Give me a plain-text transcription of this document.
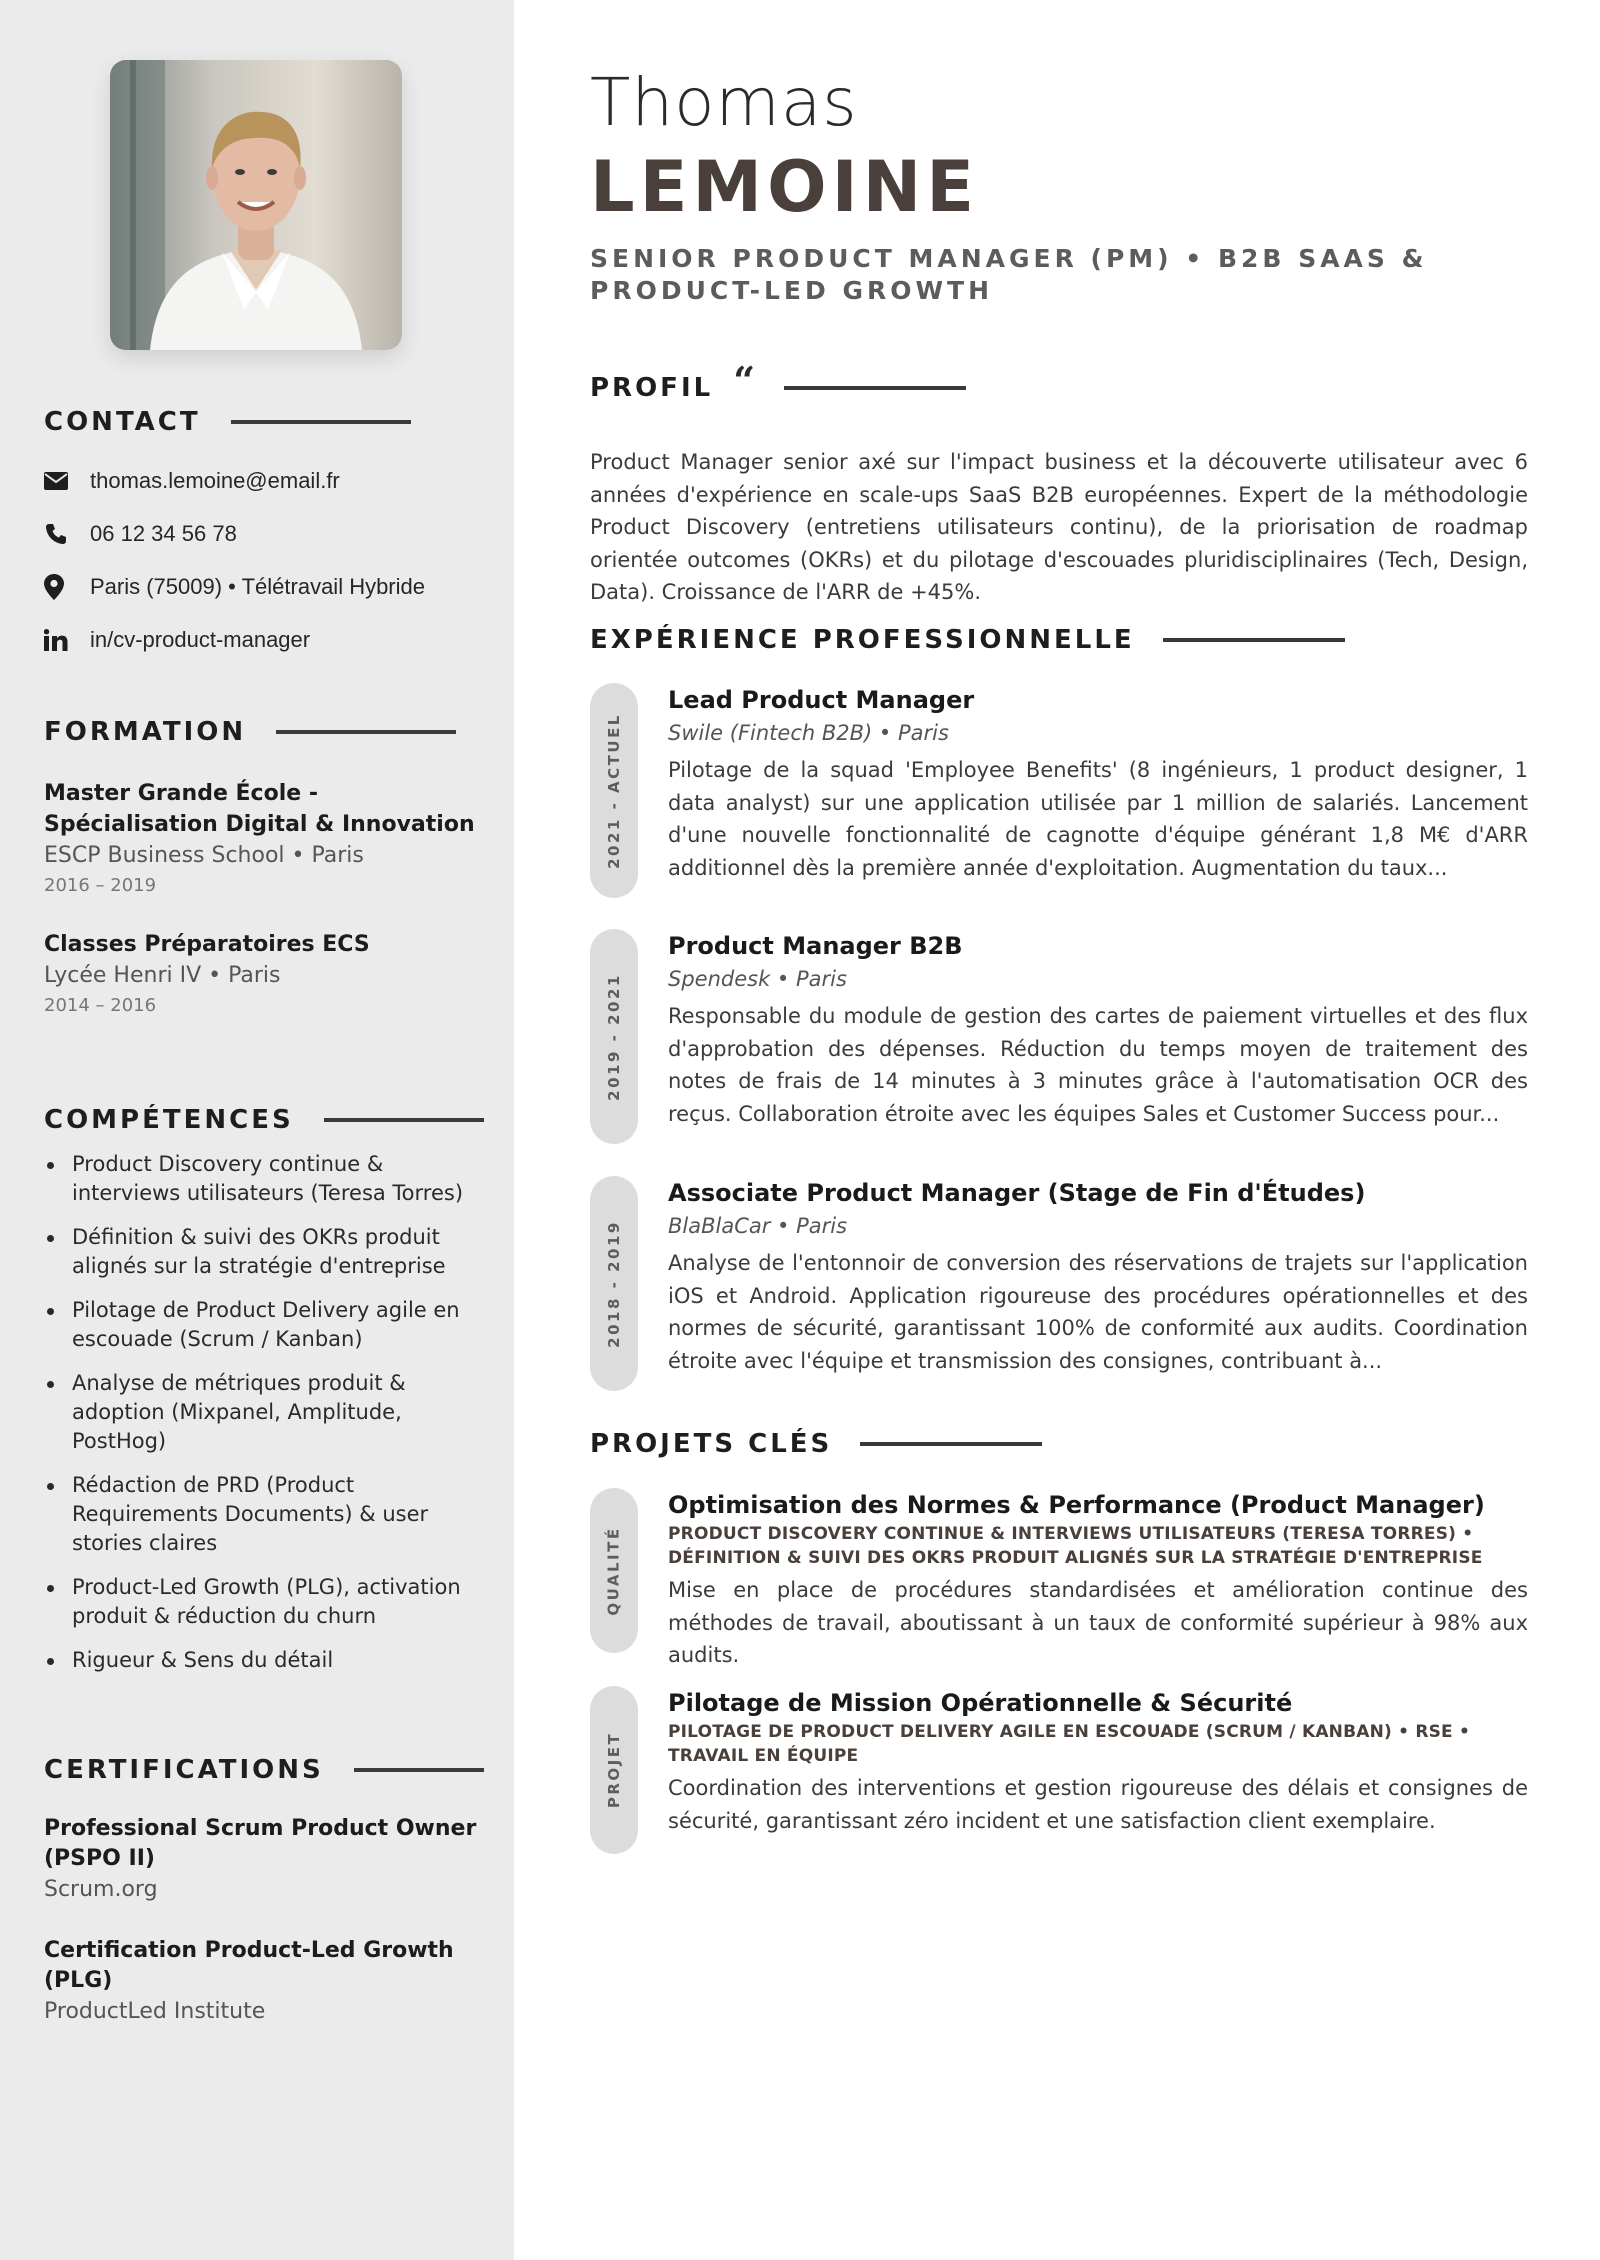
CONTACT
thomas.lemoine@email.fr
06 12 34 56 78
Paris (75009) • Télétravail Hybride
in/cv-product-manager
FORMATION
Master Grande École - Spécialisation Digital & Innovation
ESCP Business School • Paris
2016 – 2019
Classes Préparatoires ECS
Lycée Henri IV • Paris
2014 – 2016
COMPÉTENCES
Product Discovery continue & interviews utilisateurs (Teresa Torres)
Définition & suivi des OKRs produit alignés sur la stratégie d'entreprise
Pilotage de Product Delivery agile en escouade (Scrum / Kanban)
Analyse de métriques produit & adoption (Mixpanel, Amplitude, PostHog)
Rédaction de PRD (Product Requirements Documents) & user stories claires
Product-Led Growth (PLG), activation produit & réduction du churn
Rigueur & Sens du détail
CERTIFICATIONS
Professional Scrum Product Owner (PSPO II)
Scrum.org
Certification Product-Led Growth (PLG)
ProductLed Institute
Thomas
LEMOINE
SENIOR PRODUCT MANAGER (PM) • B2B SAAS & PRODUCT-LED GROWTH
PROFIL “

Product Manager senior axé sur l'impact business et la découverte utilisateur avec 6 années d'expérience en scale-ups SaaS B2B européennes. Expert de la méthodologie Product Discovery (entretiens utilisateurs continu), de la priorisation de roadmap orientée outcomes (OKRs) et du pilotage d'escouades pluridisciplinaires (Tech, Design, Data). Croissance de l'ARR de +45%.

EXPÉRIENCE PROFESSIONNELLE
2021 - ACTUEL
Lead Product Manager
Swile (Fintech B2B) • Paris
Pilotage de la squad 'Employee Benefits' (8 ingénieurs, 1 product designer, 1 data analyst) sur une application utilisée par 1 million de salariés. Lancement d'une nouvelle fonctionnalité de cagnotte d'équipe générant 1,8 M€ d'ARR additionnel dès la première année d'exploitation. Augmentation du taux...
2019 - 2021
Product Manager B2B
Spendesk • Paris
Responsable du module de gestion des cartes de paiement virtuelles et des flux d'approbation des dépenses. Réduction du temps moyen de traitement des notes de frais de 14 minutes à 3 minutes grâce à l'automatisation OCR des reçus. Collaboration étroite avec les équipes Sales et Customer Success pour...
2018 - 2019
Associate Product Manager (Stage de Fin d'Études)
BlaBlaCar • Paris
Analyse de l'entonnoir de conversion des réservations de trajets sur l'application iOS et Android. Application rigoureuse des procédures opérationnelles et des normes de sécurité, garantissant 100% de conformité aux audits. Coordination étroite avec l'équipe et transmission des consignes, contribuant à...
PROJETS CLÉS
QUALITÉ
Optimisation des Normes & Performance (Product Manager)
PRODUCT DISCOVERY CONTINUE & INTERVIEWS UTILISATEURS (TERESA TORRES) • DÉFINITION & SUIVI DES OKRS PRODUIT ALIGNÉS SUR LA STRATÉGIE D'ENTREPRISE
Mise en place de procédures standardisées et amélioration continue des méthodes de travail, aboutissant à un taux de conformité supérieur à 98% aux audits.
PROJET
Pilotage de Mission Opérationnelle & Sécurité
PILOTAGE DE PRODUCT DELIVERY AGILE EN ESCOUADE (SCRUM / KANBAN) • RSE • TRAVAIL EN ÉQUIPE
Coordination des interventions et gestion rigoureuse des délais et consignes de sécurité, garantissant zéro incident et une satisfaction client exemplaire.
